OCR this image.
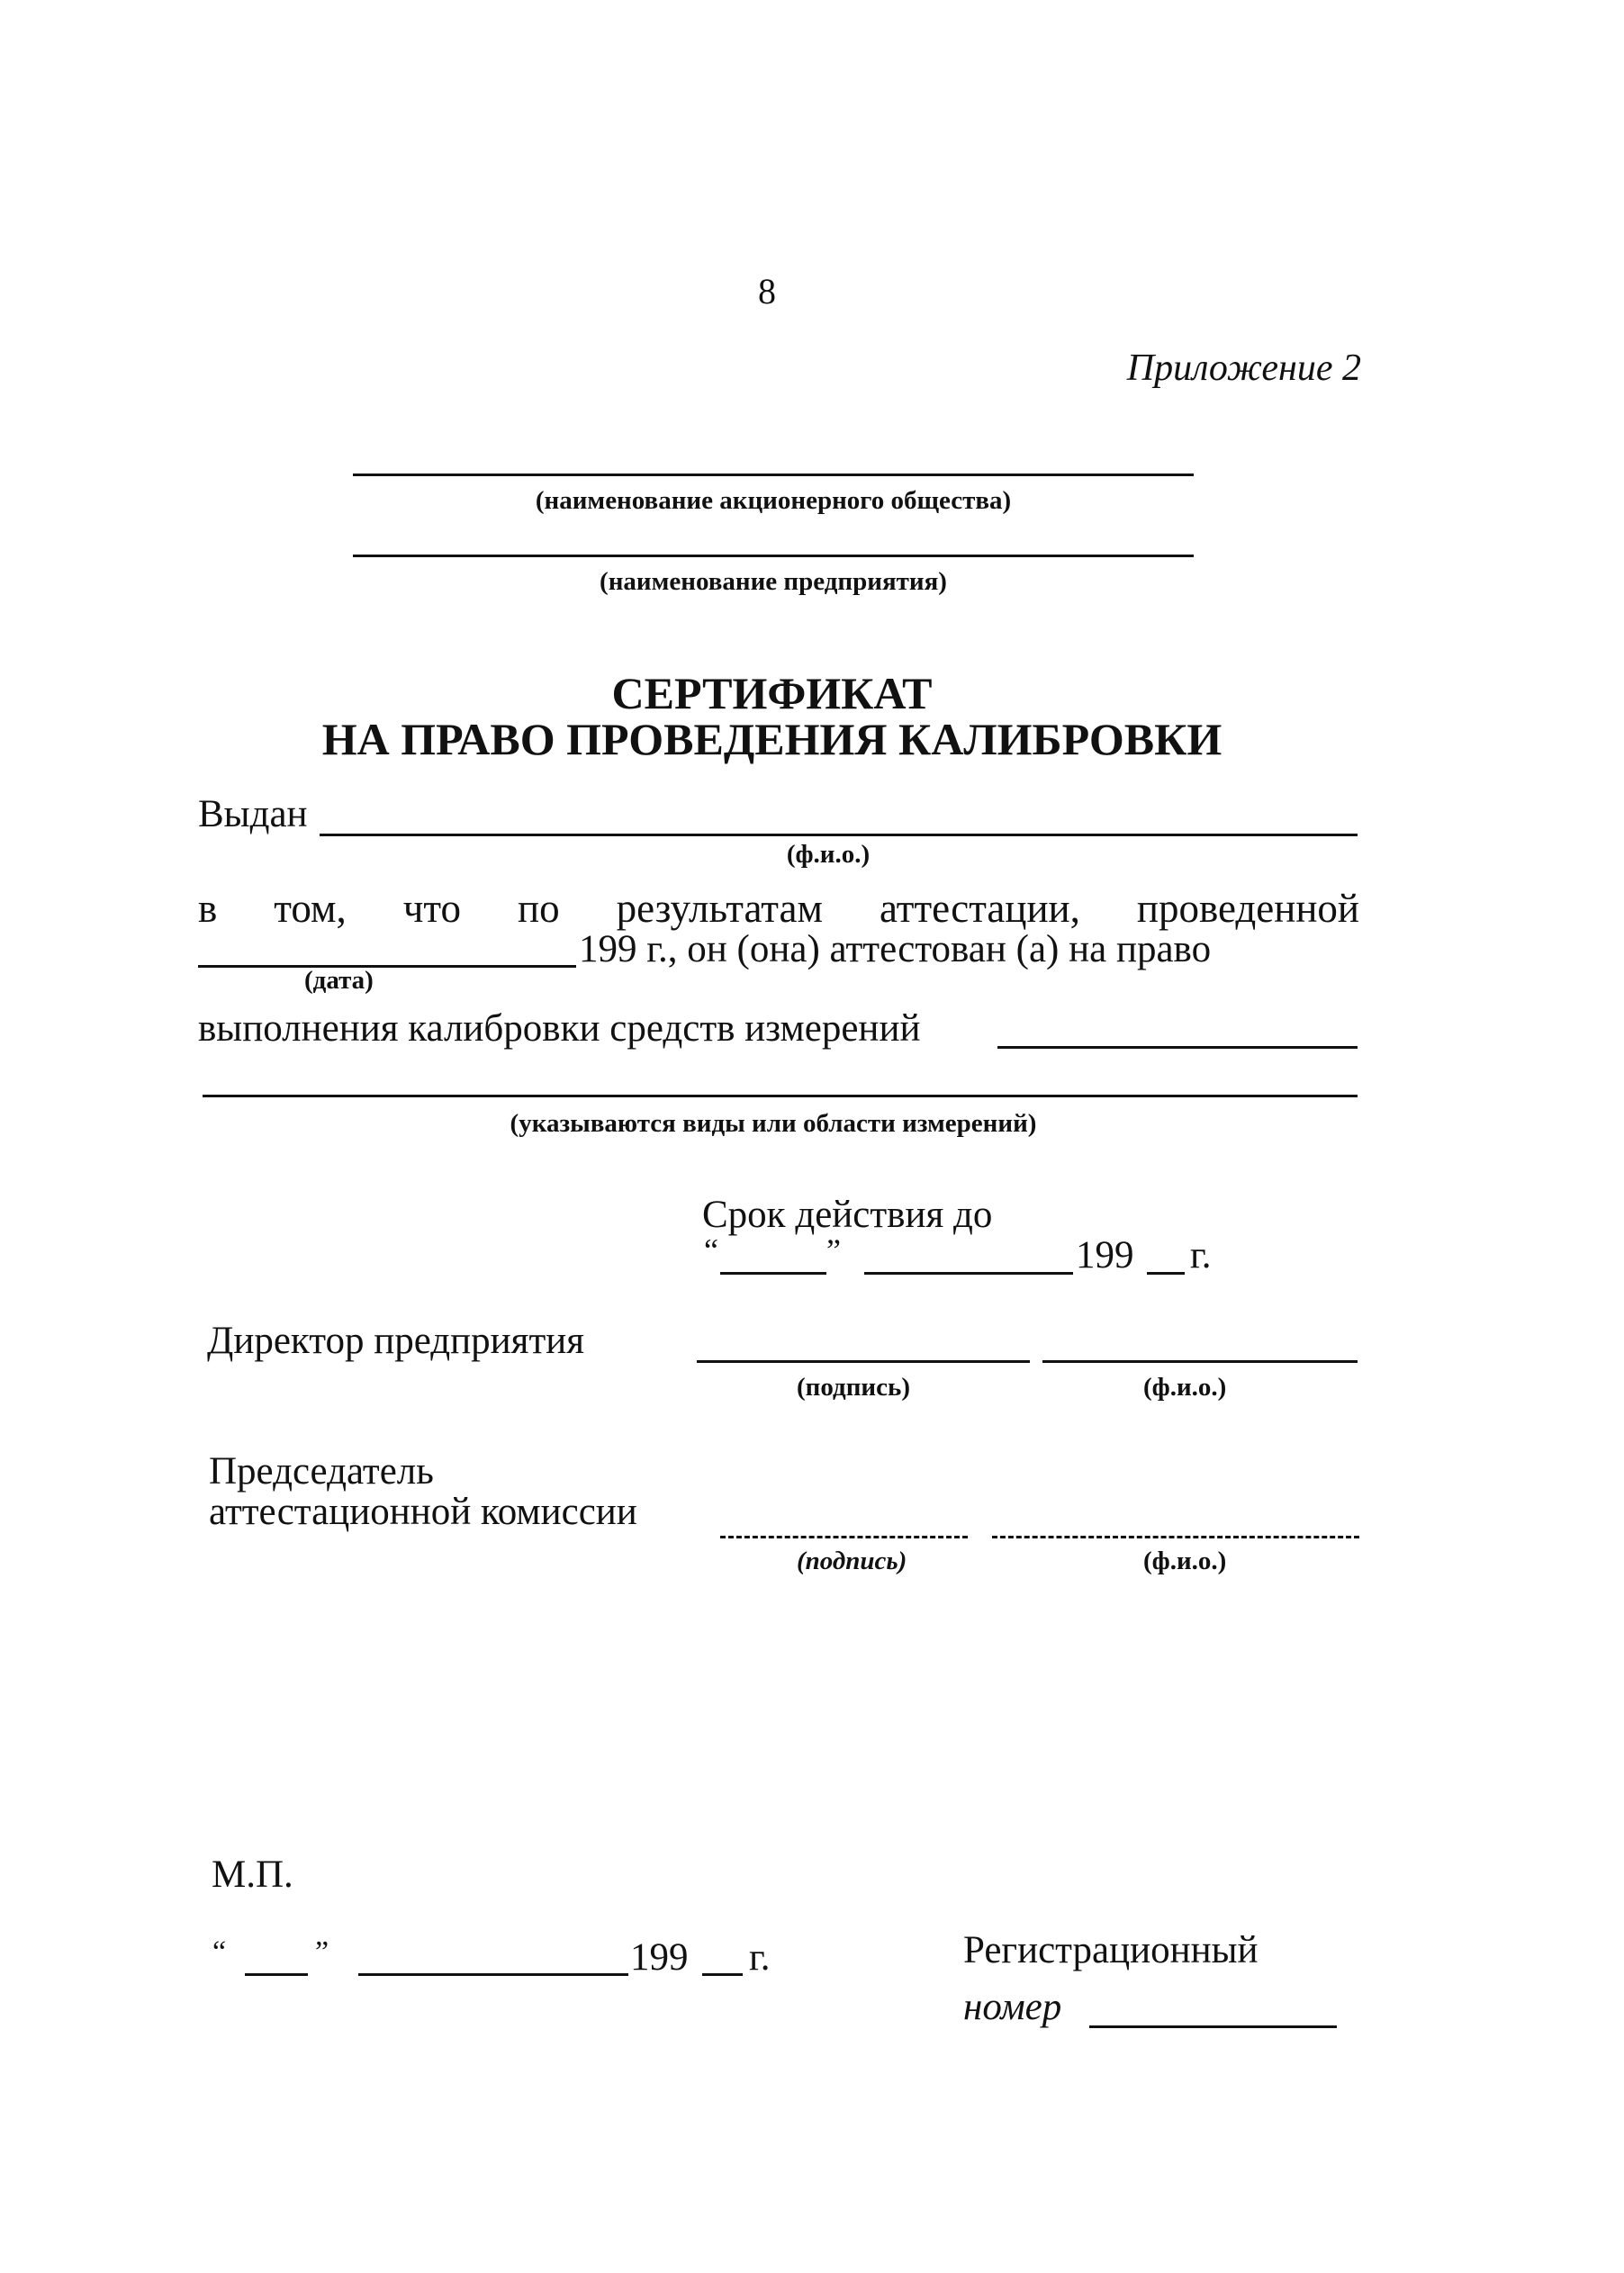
8
Приложение 2
(наименование акционерного общества)
(наименование предприятия)
СЕРТИФИКАТ
НА ПРАВО ПРОВЕДЕНИЯ КАЛИБРОВКИ
Выдан
(ф.и.о.)
в том, что по результатам аттестации, проведенной
199 г., он (она) аттестован (а) на право
(дата)
выполнения калибровки средств измерений
(указываются виды или области измерений)
Срок действия до
“	”	199 г.
Директор предприятия
(подпись)	(ф.и.о.)
Председатель
аттестационной комиссии
(подпись)	(ф.и.о.)
М.П.
“	”	199 г.	Регистрационный
номер
